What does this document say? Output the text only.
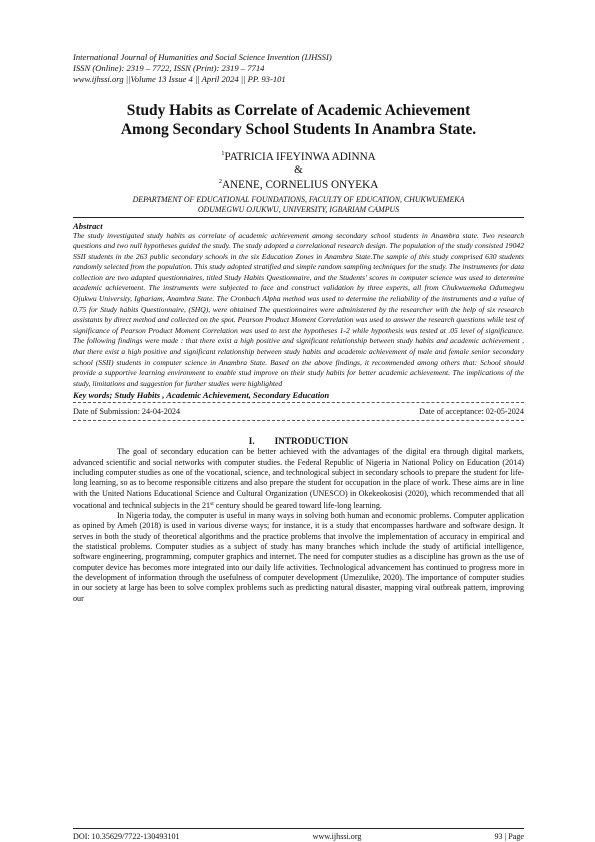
International Journal of Humanities and Social Science Invention (IJHSSI)
ISSN (Online): 2319 – 7722, ISSN (Print): 2319 – 7714
www.ijhssi.org ||Volume 13 Issue 4 || April 2024 || PP. 93-101
Study Habits as Correlate of Academic Achievement
Among Secondary School Students In Anambra State.
$^1$PATRICIA IFEYINWA ADINNA
&
$^2$ANENE, CORNELIUS ONYEKA
DEPARTMENT OF EDUCATIONAL FOUNDATIONS, FACULTY OF EDUCATION, CHUKWUEMEKA
ODUMEGWU OJUKWU, UNIVERSITY, IGBARIAM CAMPUS
Abstract

The study investigated study habits as correlate of academic achievement among secondary school students in Anambra state. Two research questions and two null hypotheses guided the study. The study adopted a correlational research design. The population of the study consisted 19042 SSII students in the 263 public secondary schools in the six Education Zones in Anambra State.The sample of this study comprised 630 students randomly selected from the population. This study adopted stratified and simple random sampling techniques for the study. The instruments for data collection are two adapted questionnaires, titled Study Habits Questionnaire, and the Students' scores in computer science was used to determine academic achievement. The instruments were subjected to face and construct validation by three experts, all from Chukwuemeka Odumegwu Ojukwu University, Igbariam, Anambra State. The Cronbach Alpha method was used to determine the reliability of the instruments and a value of 0.75 for Study habits Questionnaire, (SHQ), were obtained The questionnaires were administered by the researcher with the help of six research assistants by direct method and collected on the spot. Pearson Product Moment Correlation was used to answer the research questions while test of significance of Pearson Product Moment Correlation was used to test the hypotheses 1-2 while hypothesis was tested at .05 level of significance. The following findings were made : that there exist a high positive and significant relationship between study habits and academic achievement , that there exist a high positive and significant relationship between study habits and academic achievement of male and female senior secondary school (SSII) students in computer science in Anambra State. Based on the above findings, it recommended among others that: School should provide a supportive learning environment to enable stud improve on their study habits for better academic achievement. The implications of the study, limitations and suggestion for further studies were highlighted

Key words; Study Habits , Academic Achievement, Secondary Education
Date of Submission: 24-04-2024	Date of acceptance: 02-05-2024
I. INTRODUCTION

The goal of secondary education can be better achieved with the advantages of the digital era through digital markets, advanced scientific and social networks with computer studies. the Federal Republic of Nigeria in National Policy on Education (2014) including computer studies as one of the vocational, science, and technological subject in secondary schools to prepare the student for life-long learning, so as to become responsible citizens and also prepare the student for occupation in the place of work. These aims are in line with the United Nations Educational Science and Cultural Organization (UNESCO) in Okekeokosisi (2020), which recommended that all vocational and technical subjects in the 21st century should be geared toward life-long learning.

In Nigeria today, the computer is useful in many ways in solving both human and economic problems. Computer application as opined by Ameh (2018) is used in various diverse ways; for instance, it is a study that encompasses hardware and software design. It serves in both the study of theoretical algorithms and the practice problems that involve the implementation of accuracy in empirical and the statistical problems. Computer studies as a subject of study has many branches which include the study of artificial intelligence, software engineering, programming, computer graphics and internet. The need for computer studies as a discipline has grown as the use of computer device has becomes more integrated into our daily life activities. Technological advancement has continued to progress more in the development of information through the usefulness of computer development (Umezulike, 2020). The importance of computer studies in our society at large has been to solve complex problems such as predicting natural disaster, mapping viral outbreak pattern, improving our

DOI: 10.35629/7722-130493101	www.ijhssi.org	93 | Page
